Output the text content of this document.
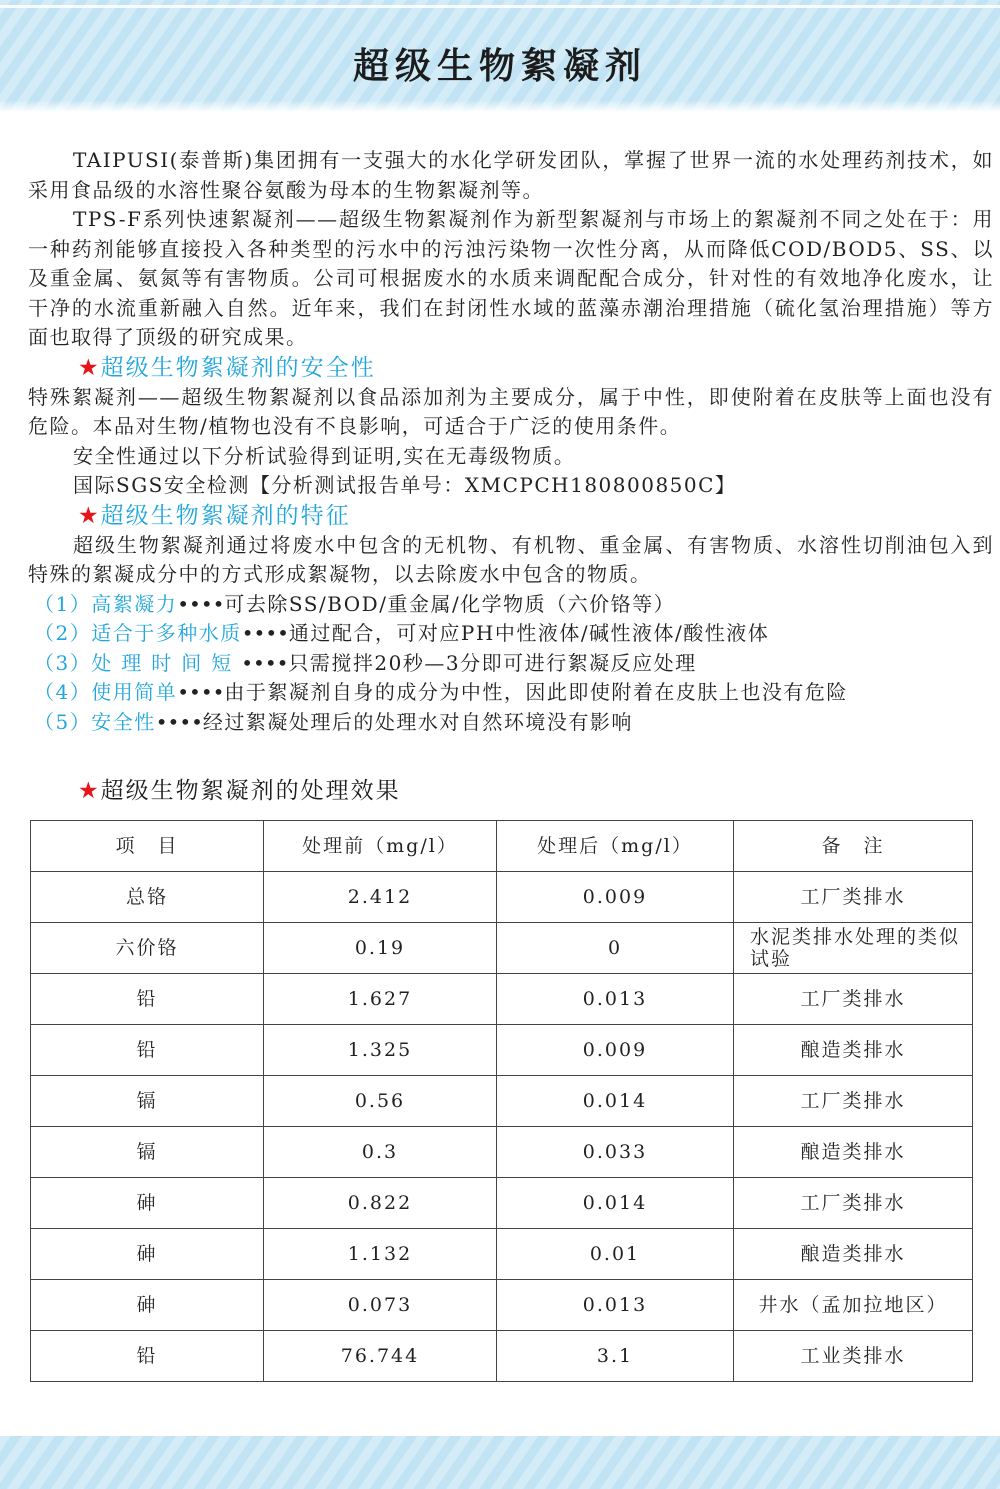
超级生物絮凝剂

TAIPUSI(泰普斯)集团拥有一支强大的水化学研发团队，掌握了世界一流的水处理药剂技术，如采用食品级的水溶性聚谷氨酸为母本的生物絮凝剂等。

TPS-F系列快速絮凝剂——超级生物絮凝剂作为新型絮凝剂与市场上的絮凝剂不同之处在于：用一种药剂能够直接投入各种类型的污水中的污浊污染物一次性分离，从而降低COD/BOD5、SS、以及重金属、氨氮等有害物质。公司可根据废水的水质来调配配合成分，针对性的有效地净化废水，让干净的水流重新融入自然。近年来，我们在封闭性水域的蓝藻赤潮治理措施（硫化氢治理措施）等方面也取得了顶级的研究成果。

★超级生物絮凝剂的安全性

特殊絮凝剂——超级生物絮凝剂以食品添加剂为主要成分，属于中性，即使附着在皮肤等上面也没有危险。本品对生物/植物也没有不良影响，可适合于广泛的使用条件。

安全性通过以下分析试验得到证明,实在无毒级物质。

国际SGS安全检测【分析测试报告单号：XMCPCH180800850C】

★超级生物絮凝剂的特征

超级生物絮凝剂通过将废水中包含的无机物、有机物、重金属、有害物质、水溶性切削油包入到特殊的絮凝成分中的方式形成絮凝物，以去除废水中包含的物质。

（1）高絮凝力••••可去除SS/BOD/重金属/化学物质（六价铬等）

（2）适合于多种水质••••通过配合，可对应PH中性液体/碱性液体/酸性液体

（3）处理时间短••••只需搅拌20秒—3分即可进行絮凝反应处理

（4）使用简单••••由于絮凝剂自身的成分为中性，因此即使附着在皮肤上也没有危险

（5）安全性••••经过絮凝处理后的处理水对自然环境没有影响

★超级生物絮凝剂的处理效果
项　目	处理前（mg/l）	处理后（mg/l）	备　注
总铬	2.412	0.009	工厂类排水
六价铬	0.19	0	水泥类排水处理的类似试验
铅	1.627	0.013	工厂类排水
铅	1.325	0.009	酿造类排水
镉	0.56	0.014	工厂类排水
镉	0.3	0.033	酿造类排水
砷	0.822	0.014	工厂类排水
砷	1.132	0.01	酿造类排水
砷	0.073	0.013	井水（孟加拉地区）
铅	76.744	3.1	工业类排水
